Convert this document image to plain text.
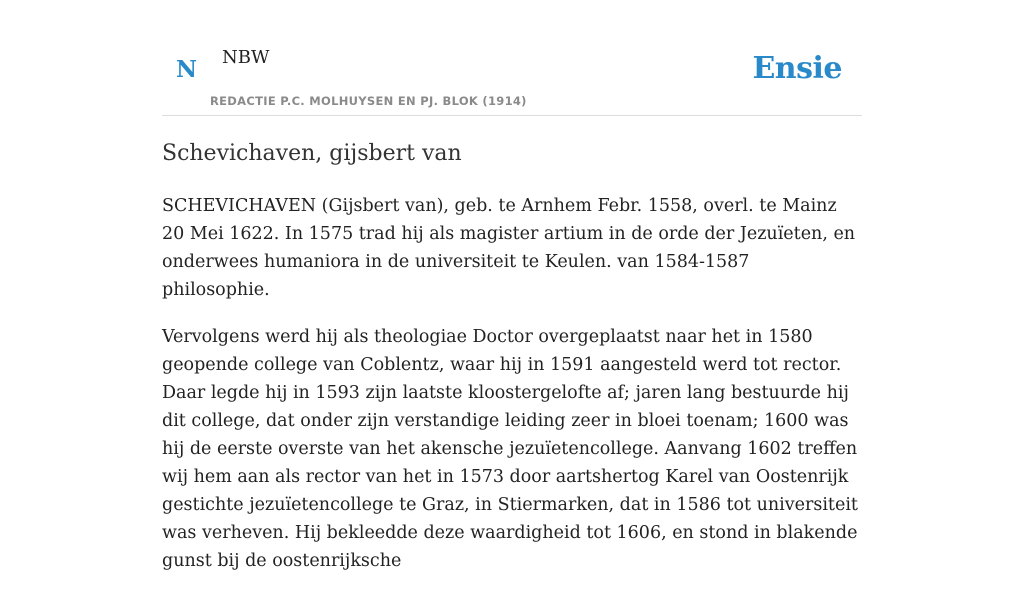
N NBW
REDACTIE P.C. MOLHUYSEN EN PJ. BLOK (1914)
Ensie
Schevichaven, gijsbert van

SCHEVICHAVEN (Gijsbert van), geb. te Arnhem Febr. 1558, overl. te Mainz 20 Mei 1622. In 1575 trad hij als magister artium in de orde der Jezuïeten, en onderwees humaniora in de universiteit te Keulen. van 1584-1587 philosophie.

Vervolgens werd hij als theologiae Doctor overgeplaatst naar het in 1580 geopende college van Coblentz, waar hij in 1591 aangesteld werd tot rector. Daar legde hij in 1593 zijn laatste kloostergelofte af; jaren lang bestuurde hij dit college, dat onder zijn verstandige leiding zeer in bloei toenam; 1600 was hij de eerste overste van het akensche jezuïetencollege. Aanvang 1602 treffen wij hem aan als rector van het in 1573 door aartshertog Karel van Oostenrijk gestichte jezuïetencollege te Graz, in Stiermarken, dat in 1586 tot universiteit was verheven. Hij bekleedde deze waardigheid tot 1606, en stond in blakende gunst bij de oostenrijksche
